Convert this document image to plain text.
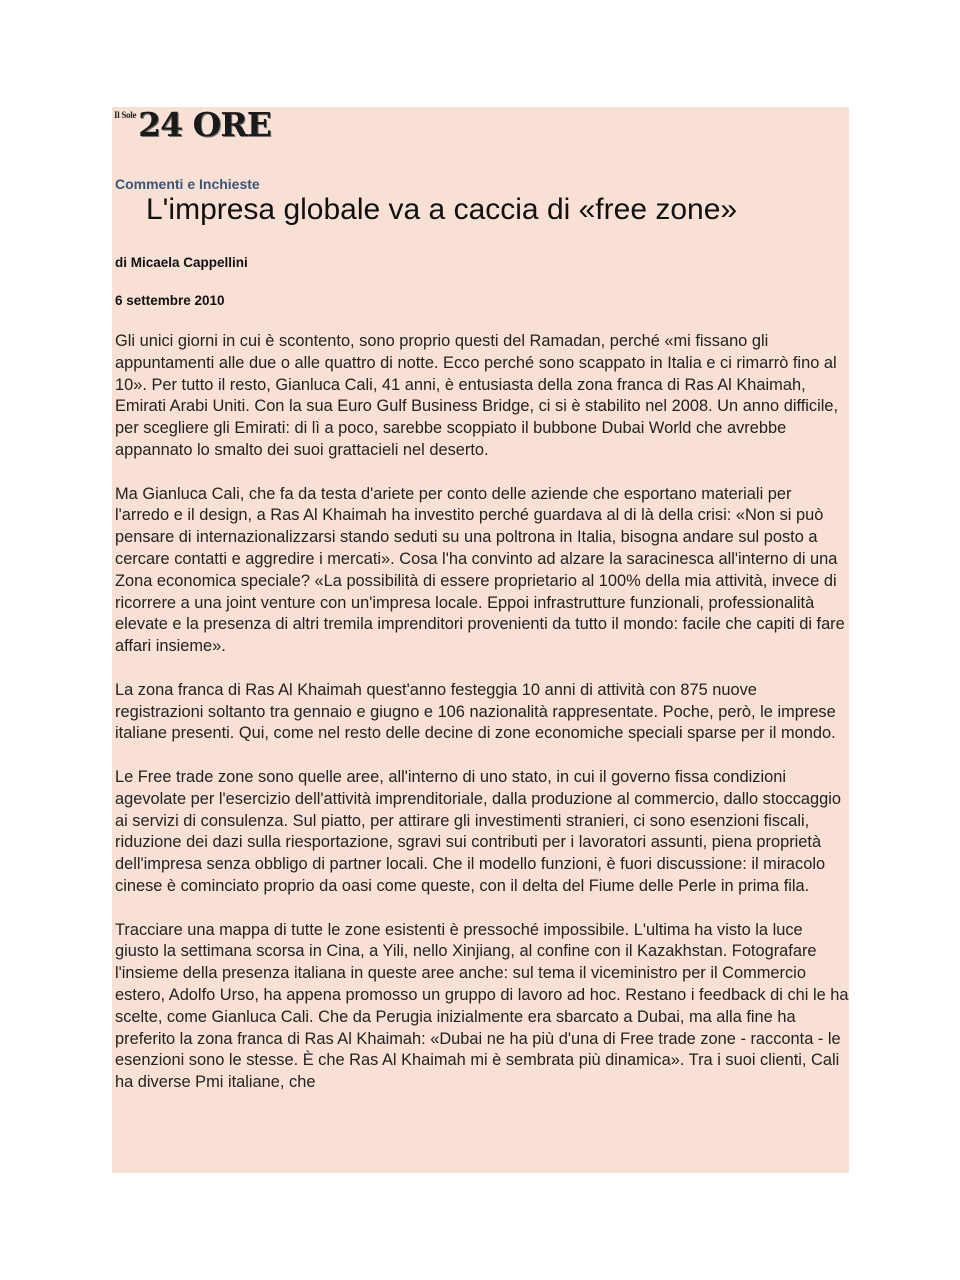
Il Sole 24 ORE
Commenti e Inchieste
L'impresa globale va a caccia di «free zone»
di Micaela Cappellini
6 settembre 2010

Gli unici giorni in cui è scontento, sono proprio questi del Ramadan, perché «mi fissano gli appuntamenti alle due o alle quattro di notte. Ecco perché sono scappato in Italia e ci rimarrò fino al 10». Per tutto il resto, Gianluca Cali, 41 anni, è entusiasta della zona franca di Ras Al Khaimah, Emirati Arabi Uniti. Con la sua Euro Gulf Business Bridge, ci si è stabilito nel 2008. Un anno difficile, per scegliere gli Emirati: di lì a poco, sarebbe scoppiato il bubbone Dubai World che avrebbe appannato lo smalto dei suoi grattacieli nel deserto.

Ma Gianluca Cali, che fa da testa d'ariete per conto delle aziende che esportano materiali per l'arredo e il design, a Ras Al Khaimah ha investito perché guardava al di là della crisi: «Non si può pensare di internazionalizzarsi stando seduti su una poltrona in Italia, bisogna andare sul posto a cercare contatti e aggredire i mercati». Cosa l'ha convinto ad alzare la saracinesca all'interno di una Zona economica speciale? «La possibilità di essere proprietario al 100% della mia attività, invece di ricorrere a una joint venture con un'impresa locale. Eppoi infrastrutture funzionali, professionalità elevate e la presenza di altri tremila imprenditori provenienti da tutto il mondo: facile che capiti di fare affari insieme».

La zona franca di Ras Al Khaimah quest'anno festeggia 10 anni di attività con 875 nuove registrazioni soltanto tra gennaio e giugno e 106 nazionalità rappresentate. Poche, però, le imprese italiane presenti. Qui, come nel resto delle decine di zone economiche speciali sparse per il mondo.

Le Free trade zone sono quelle aree, all'interno di uno stato, in cui il governo fissa condizioni agevolate per l'esercizio dell'attività imprenditoriale, dalla produzione al commercio, dallo stoccaggio ai servizi di consulenza. Sul piatto, per attirare gli investimenti stranieri, ci sono esenzioni fiscali, riduzione dei dazi sulla riesportazione, sgravi sui contributi per i lavoratori assunti, piena proprietà dell'impresa senza obbligo di partner locali. Che il modello funzioni, è fuori discussione: il miracolo cinese è cominciato proprio da oasi come queste, con il delta del Fiume delle Perle in prima fila.

Tracciare una mappa di tutte le zone esistenti è pressoché impossibile. L'ultima ha visto la luce giusto la settimana scorsa in Cina, a Yili, nello Xinjiang, al confine con il Kazakhstan. Fotografare l'insieme della presenza italiana in queste aree anche: sul tema il viceministro per il Commercio estero, Adolfo Urso, ha appena promosso un gruppo di lavoro ad hoc. Restano i feedback di chi le ha scelte, come Gianluca Cali. Che da Perugia inizialmente era sbarcato a Dubai, ma alla fine ha preferito la zona franca di Ras Al Khaimah: «Dubai ne ha più d'una di Free trade zone - racconta - le esenzioni sono le stesse. È che Ras Al Khaimah mi è sembrata più dinamica». Tra i suoi clienti, Cali ha diverse Pmi italiane, che
